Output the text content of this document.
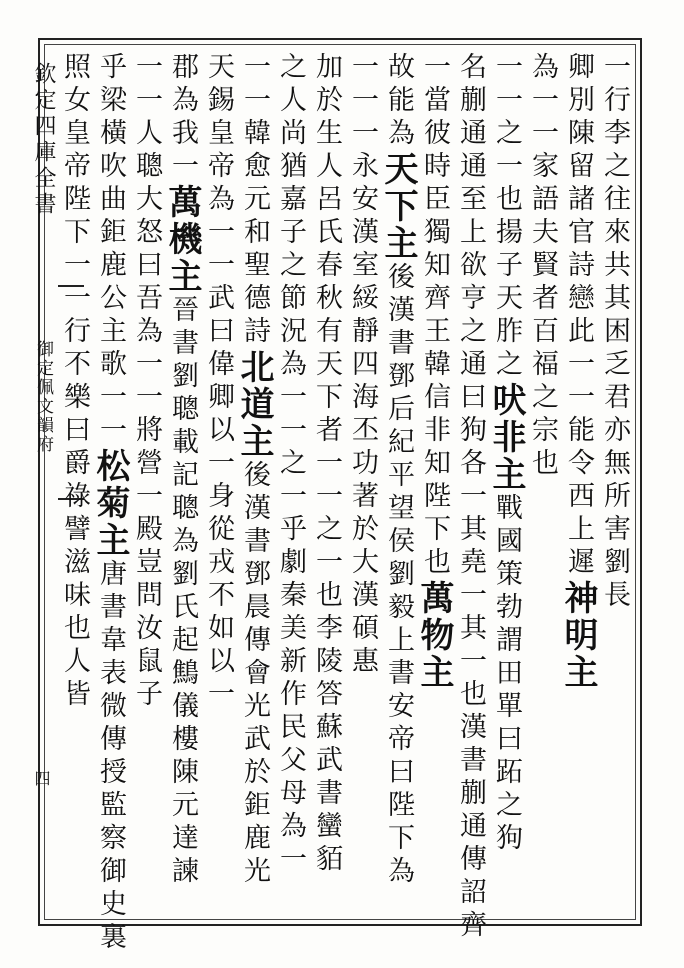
欽定四庫全書
御定佩文韻府
四
一行李之往來共其困乏君亦無所害劉長
卿別陳留諸官詩戀此一一能令西上遲神明主
為一一家語夫賢者百福之宗也
一一之一也揚子天胙之吠非主戰國策勃謂田單曰跖之狗
名蒯通通至上欲亨之通曰狗各一其堯一其一也漢書蒯通傳詔齊
一當彼時臣獨知齊王韓信非知陛下也萬物主
故能為天下主後漢書鄧后紀平望侯劉毅上書安帝曰陛下為
一一一永安漢室綏靜四海丕功著於大漢碩惠
加於生人呂氏春秋有天下者一一之一也李陵答蘇武書蠻貊
之人尚猶嘉子之節況為一一之一乎劇秦美新作民父母為一
一一韓愈元和聖德詩北道主後漢書鄧晨傳會光武於鉅鹿光
天錫皇帝為一一武曰偉卿以一身從戎不如以一
郡為我一萬機主晉書劉聰載記聰為劉氏起鷦儀樓陳元達諫
一一人聰大怒曰吾為一一將營一殿豈問汝鼠子
乎梁橫吹曲鉅鹿公主歌一一松菊主唐書韋表微傳授監察御史裏
照女皇帝陛下一一行不樂曰爵祿譬滋味也人皆
